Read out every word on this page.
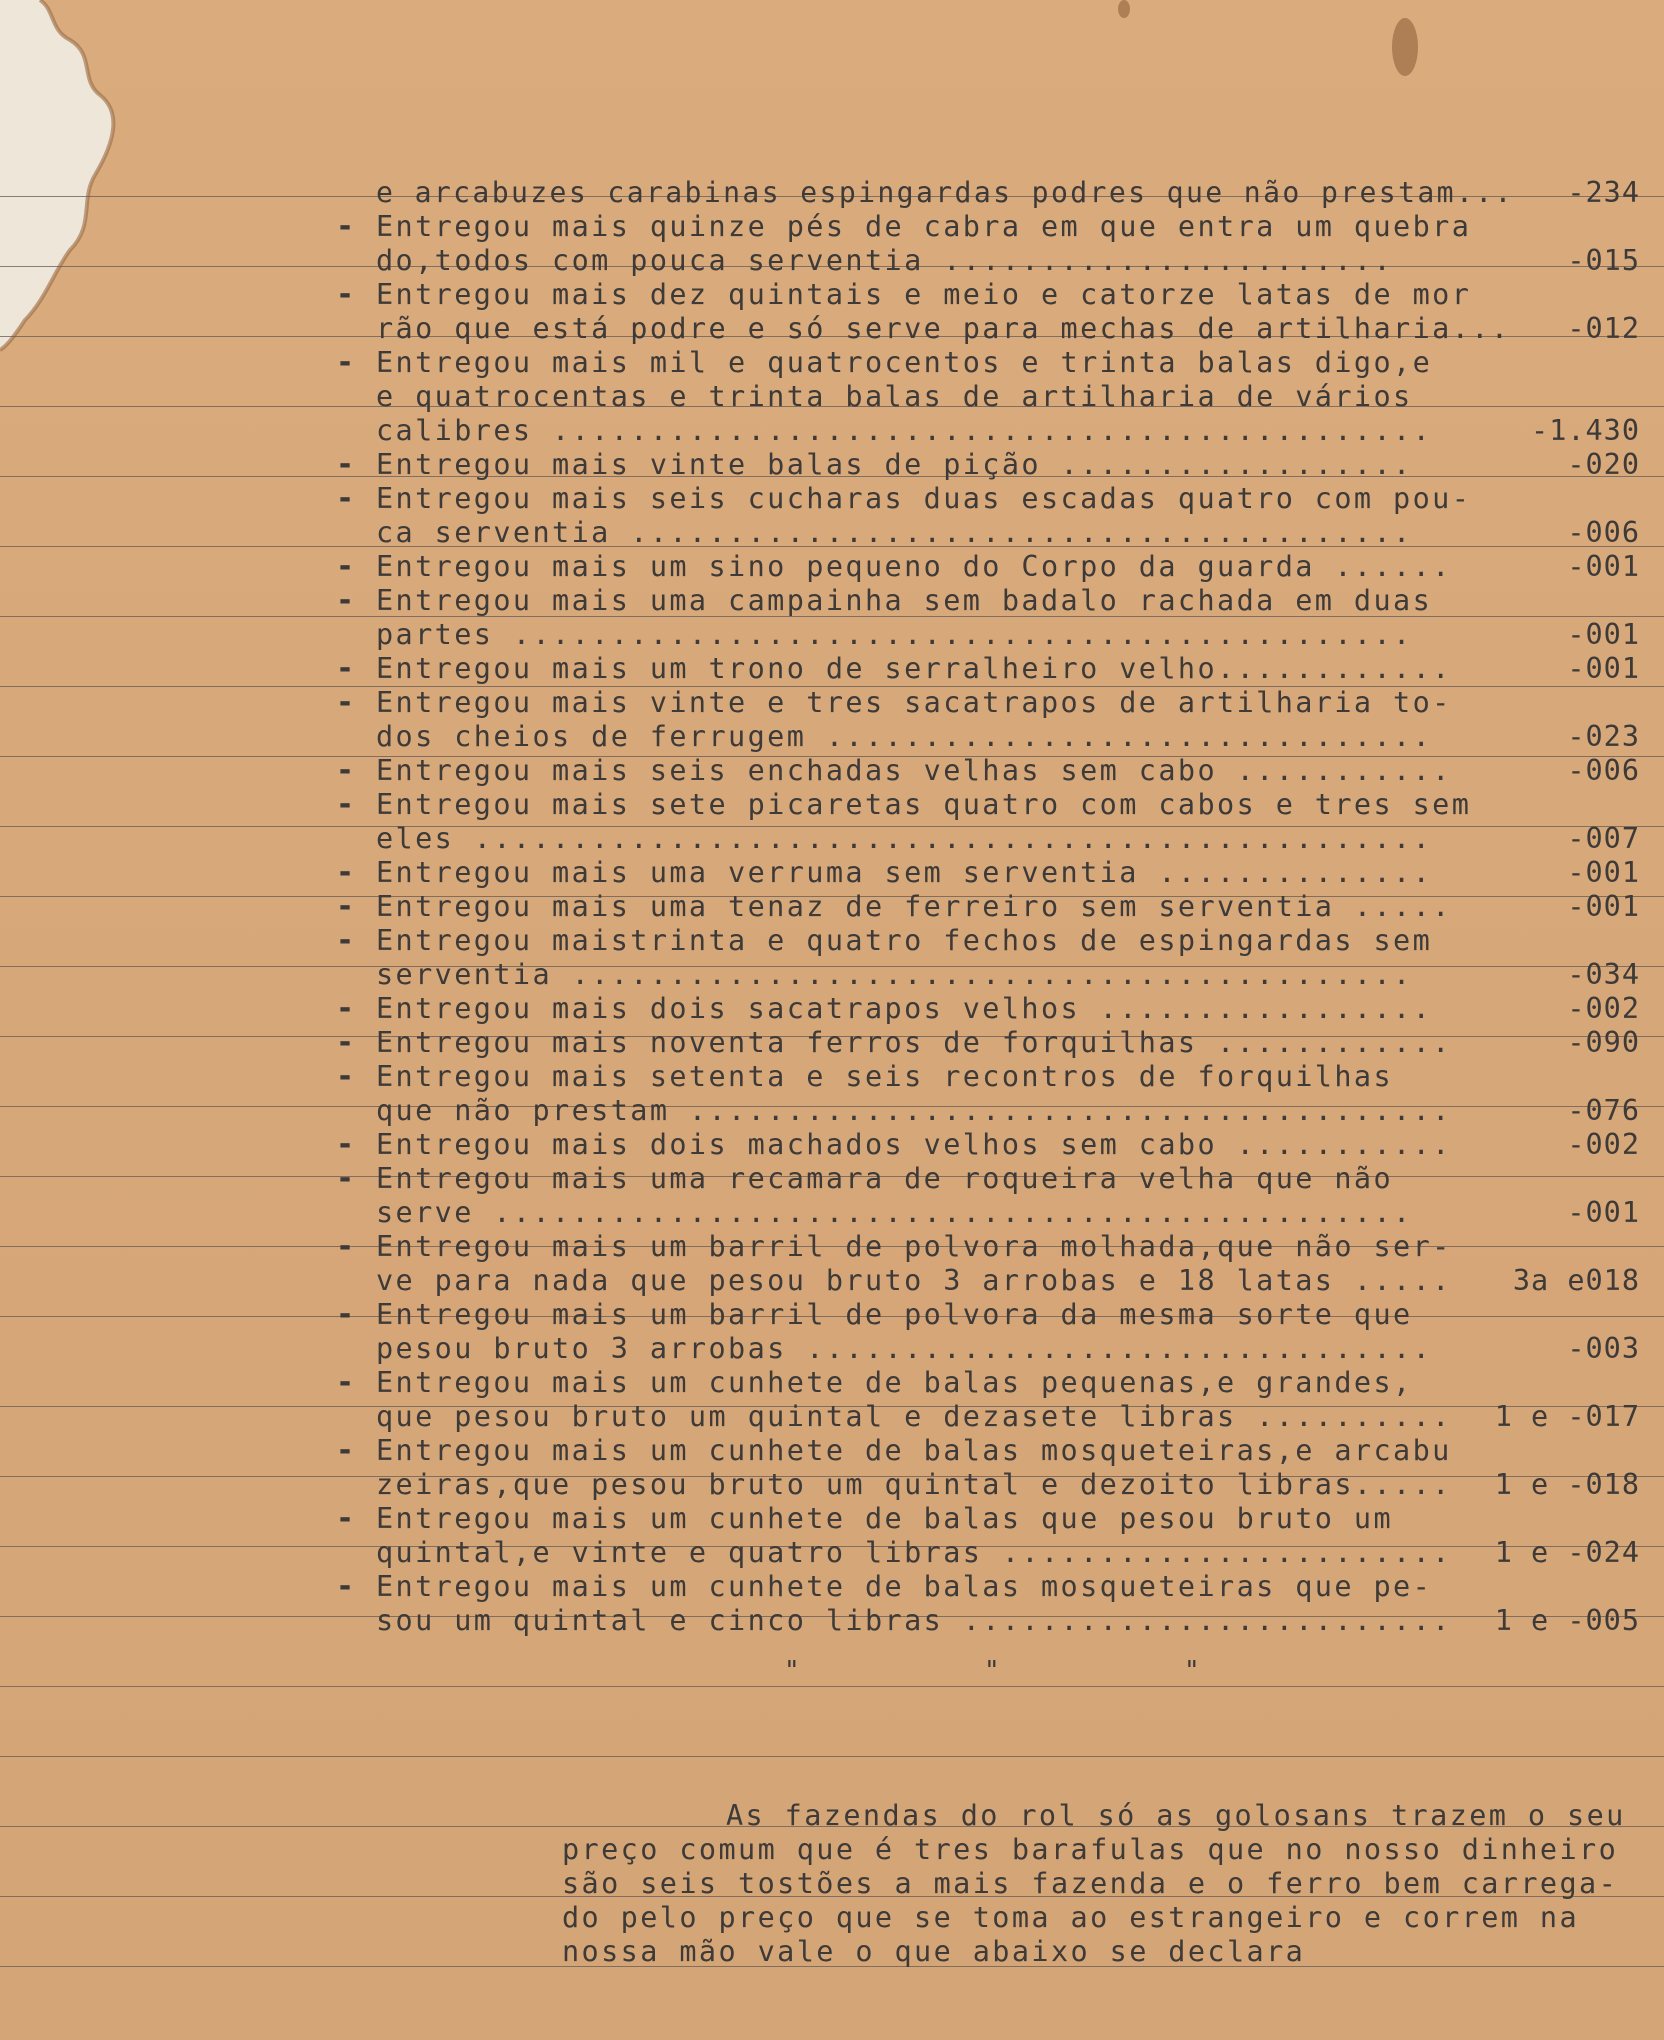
e arcabuzes carabinas espingardas podres que não prestam... -234
- Entregou mais quinze pés de cabra em que entra um quebra
do,todos com pouca serventia .......................	-015
- Entregou mais dez quintais e meio e catorze latas de mor
rão que está podre e só serve para mechas de artilharia... -012
- Entregou mais mil e quatrocentos e trinta balas digo,e
e quatrocentas e trinta balas de artilharia de vários
calibres .............................................	-1.430
- Entregou mais vinte balas de pição ..................	-020
- Entregou mais seis cucharas duas escadas quatro com pou-
ca serventia ........................................	-006
- Entregou mais um sino pequeno do Corpo da guarda ......	-001
- Entregou mais uma campainha sem badalo rachada em duas
partes ..............................................	-001
- Entregou mais um trono de serralheiro velho............	-001
- Entregou mais vinte e tres sacatrapos de artilharia to-
dos cheios de ferrugem ...............................	-023
- Entregou mais seis enchadas velhas sem cabo ...........	-006
- Entregou mais sete picaretas quatro com cabos e tres sem
eles .................................................	-007
- Entregou mais uma verruma sem serventia ..............	-001
- Entregou mais uma tenaz de ferreiro sem serventia .....	-001
- Entregou maistrinta e quatro fechos de espingardas sem
serventia ...........................................	-034
- Entregou mais dois sacatrapos velhos .................	-002
- Entregou mais noventa ferros de forquilhas ............	-090
- Entregou mais setenta e seis recontros de forquilhas
que não prestam .......................................	-076
- Entregou mais dois machados velhos sem cabo ...........	-002
- Entregou mais uma recamara de roqueira velha que não
serve ...............................................	-001
- Entregou mais um barril de polvora molhada,que não ser-
ve para nada que pesou bruto 3 arrobas e 18 latas ..... 3a e018
- Entregou mais um barril de polvora da mesma sorte que
pesou bruto 3 arrobas ................................	-003
- Entregou mais um cunhete de balas pequenas,e grandes,
que pesou bruto um quintal e dezasete libras .......... 1 e -017
- Entregou mais um cunhete de balas mosqueteiras,e arcabu
zeiras,que pesou bruto um quintal e dezoito libras..... 1 e -018
- Entregou mais um cunhete de balas que pesou bruto um
quintal,e vinte e quatro libras ....................... 1 e -024
- Entregou mais um cunhete de balas mosqueteiras que pe-
sou um quintal e cinco libras ......................... 1 e -005
"	"	"
As fazendas do rol só as golosans trazem o seu
preço comum que é tres barafulas que no nosso dinheiro
são seis tostões a mais fazenda e o ferro bem carrega-
do pelo preço que se toma ao estrangeiro e correm na
nossa mão vale o que abaixo se declara
